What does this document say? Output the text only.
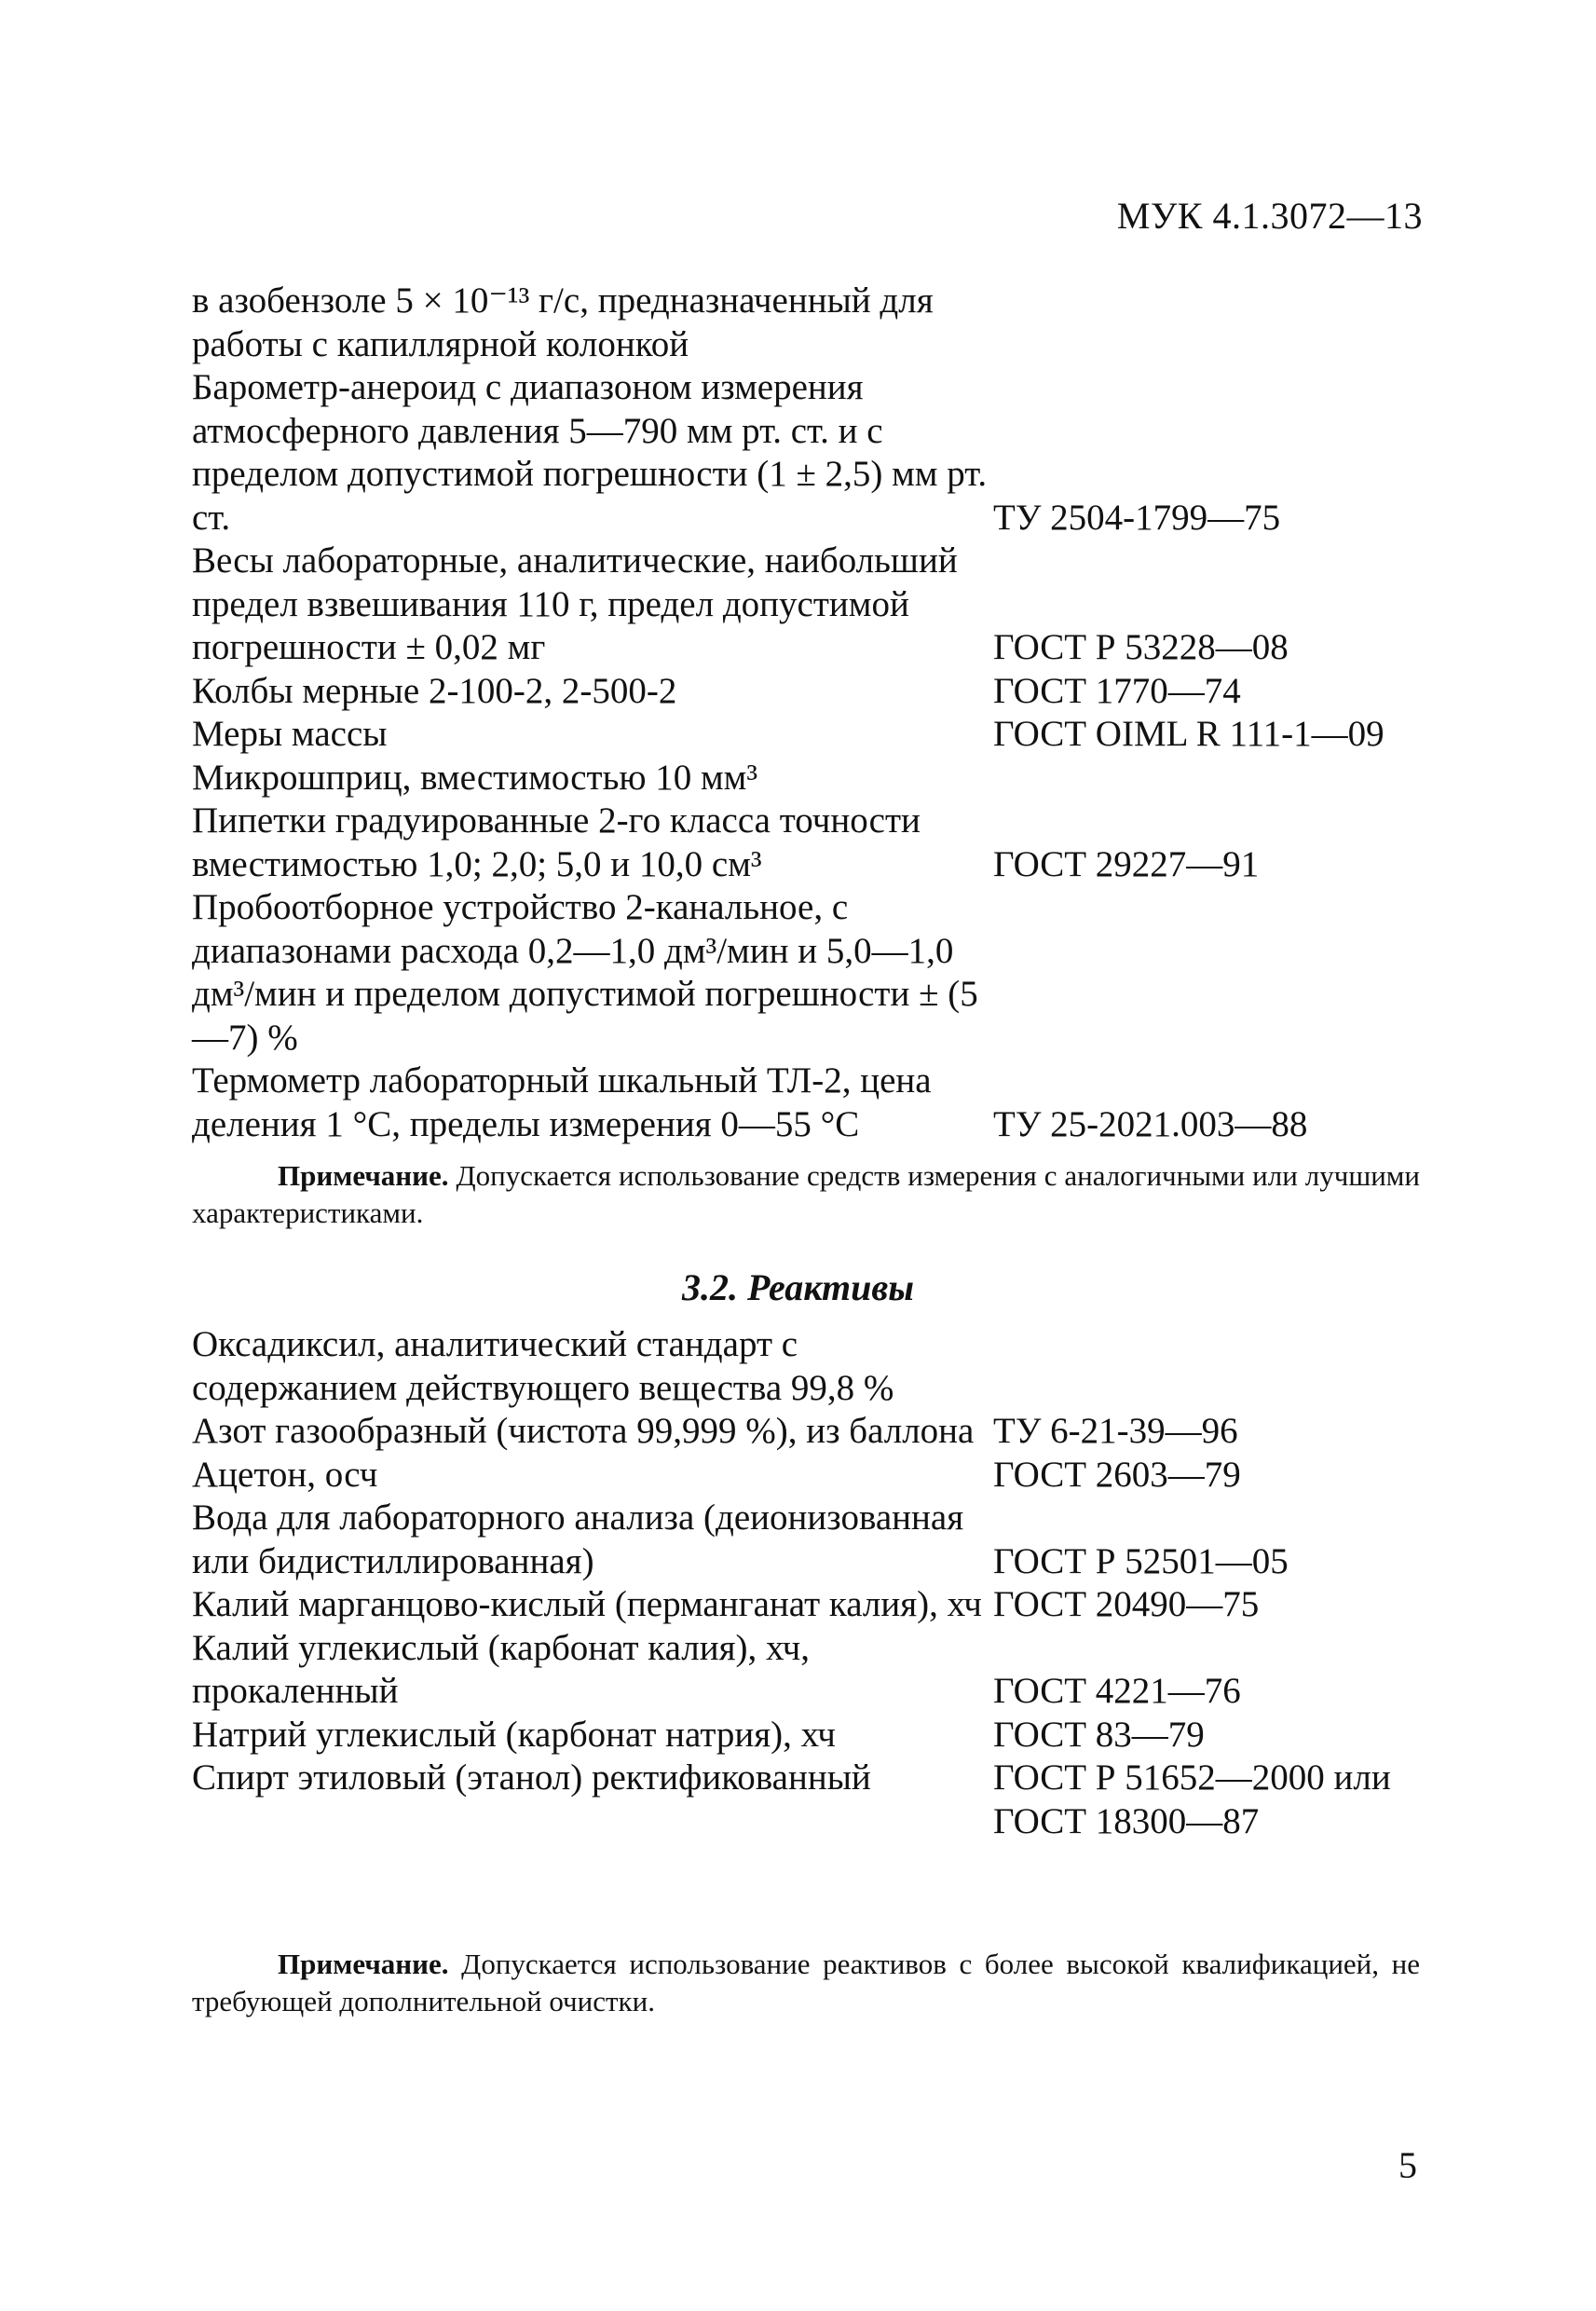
МУК 4.1.3072—13
в азобензоле 5 × 10⁻¹³ г/с, предназначенный для работы с капиллярной колонкой
Барометр-анероид с диапазоном измерения атмосферного давления 5—790 мм рт. ст. и с пределом допустимой погрешности (1 ± 2,5) мм рт. ст.	ТУ 2504-1799—75
Весы лабораторные, аналитические, наибольший предел взвешивания 110 г, предел допустимой погрешности ± 0,02 мг	ГОСТ Р 53228—08
Колбы мерные 2-100-2, 2-500-2	ГОСТ 1770—74
Меры массы	ГОСТ OIML R 111-1—09
Микрошприц, вместимостью 10 мм³
Пипетки градуированные 2-го класса точности вместимостью 1,0; 2,0; 5,0 и 10,0 см³	ГОСТ 29227—91
Пробоотборное устройство 2-канальное, с диапазонами расхода 0,2—1,0 дм³/мин и 5,0—1,0 дм³/мин и пределом допустимой погрешности ± (5—7) %
Термометр лабораторный шкальный ТЛ-2, цена деления 1 °С, пределы измерения 0—55 °С	ТУ 25-2021.003—88
Примечание. Допускается использование средств измерения с аналогичными или лучшими характеристиками.
3.2. Реактивы
Оксадиксил, аналитический стандарт с содержанием действующего вещества 99,8 %
Азот газообразный (чистота 99,999 %), из баллона ТУ 6-21-39—96
Ацетон, осч	ГОСТ 2603—79
Вода для лабораторного анализа (деионизованная или бидистиллированная)	ГОСТ Р 52501—05
Калий марганцово-кислый (перманганат калия), хч ГОСТ 20490—75
Калий углекислый (карбонат калия), хч, прокаленный	ГОСТ 4221—76
Натрий углекислый (карбонат натрия), хч	ГОСТ 83—79
Спирт этиловый (этанол) ректификованный	ГОСТ Р 51652—2000 или
ГОСТ 18300—87
Примечание. Допускается использование реактивов с более высокой квалификацией, не требующей дополнительной очистки.
5
